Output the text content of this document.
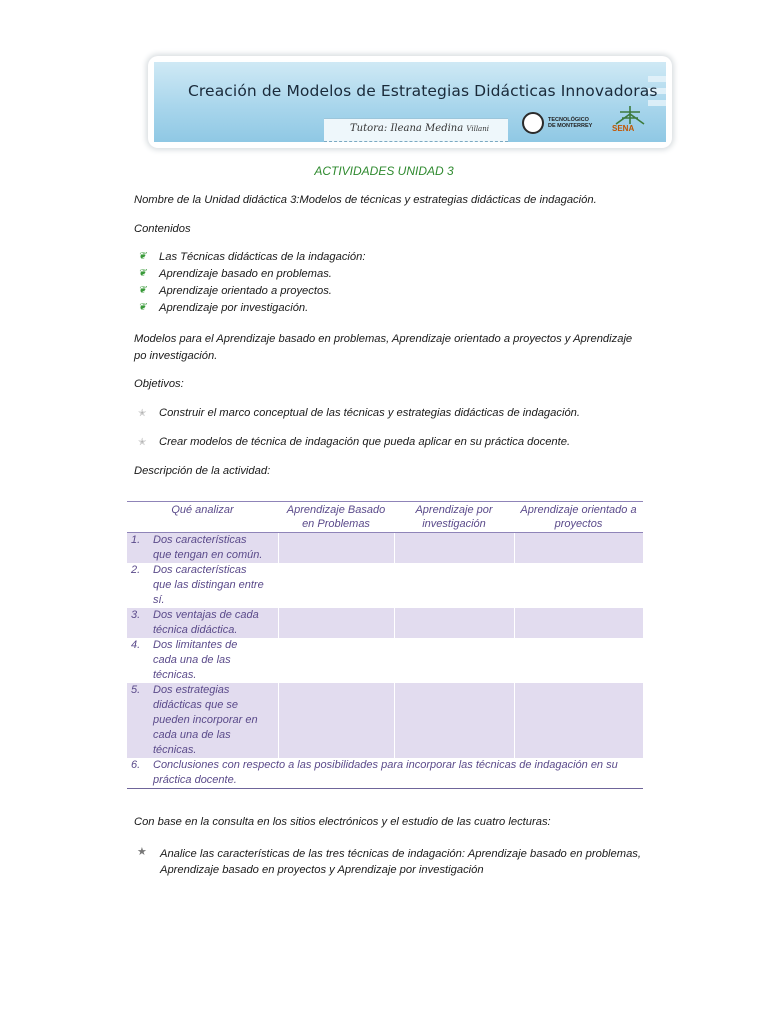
Creación de Modelos de Estrategias Didácticas Innovadoras
Tutora: Ileana Medina Villani
TECNOLÓGICO
DE MONTERREY SENA
ACTIVIDADES UNIDAD 3
Nombre de la Unidad didáctica 3:Modelos de técnicas y estrategias didácticas de indagación.
Contenidos
❦ Las Técnicas didácticas de la indagación:
❦ Aprendizaje basado en problemas.
❦ Aprendizaje orientado a proyectos.
❦ Aprendizaje por investigación.
Modelos para el Aprendizaje basado en problemas, Aprendizaje orientado a proyectos y Aprendizaje po investigación.
Objetivos:
✭ Construir el marco conceptual de las técnicas y estrategias didácticas de indagación.
✭ Crear modelos de técnica de indagación que pueda aplicar en su práctica docente.
Descripción de la actividad:
Qué analizar	Aprendizaje Basado en Problemas	Aprendizaje por investigación	Aprendizaje orientado a proyectos
1. Dos características que tengan en común.			
2. Dos características que las distingan entre sí.			
3. Dos ventajas de cada técnica didáctica.			
4. Dos limitantes de cada una de las técnicas.			
5. Dos estrategias didácticas que se pueden incorporar en cada una de las técnicas.			
6. Conclusiones con respecto a las posibilidades para incorporar las técnicas de indagación en su práctica docente.			
Con base en la consulta en los sitios electrónicos y el estudio de las cuatro lecturas:
★ Analice las características de las tres técnicas de indagación: Aprendizaje basado en problemas, Aprendizaje basado en proyectos y Aprendizaje por investigación
